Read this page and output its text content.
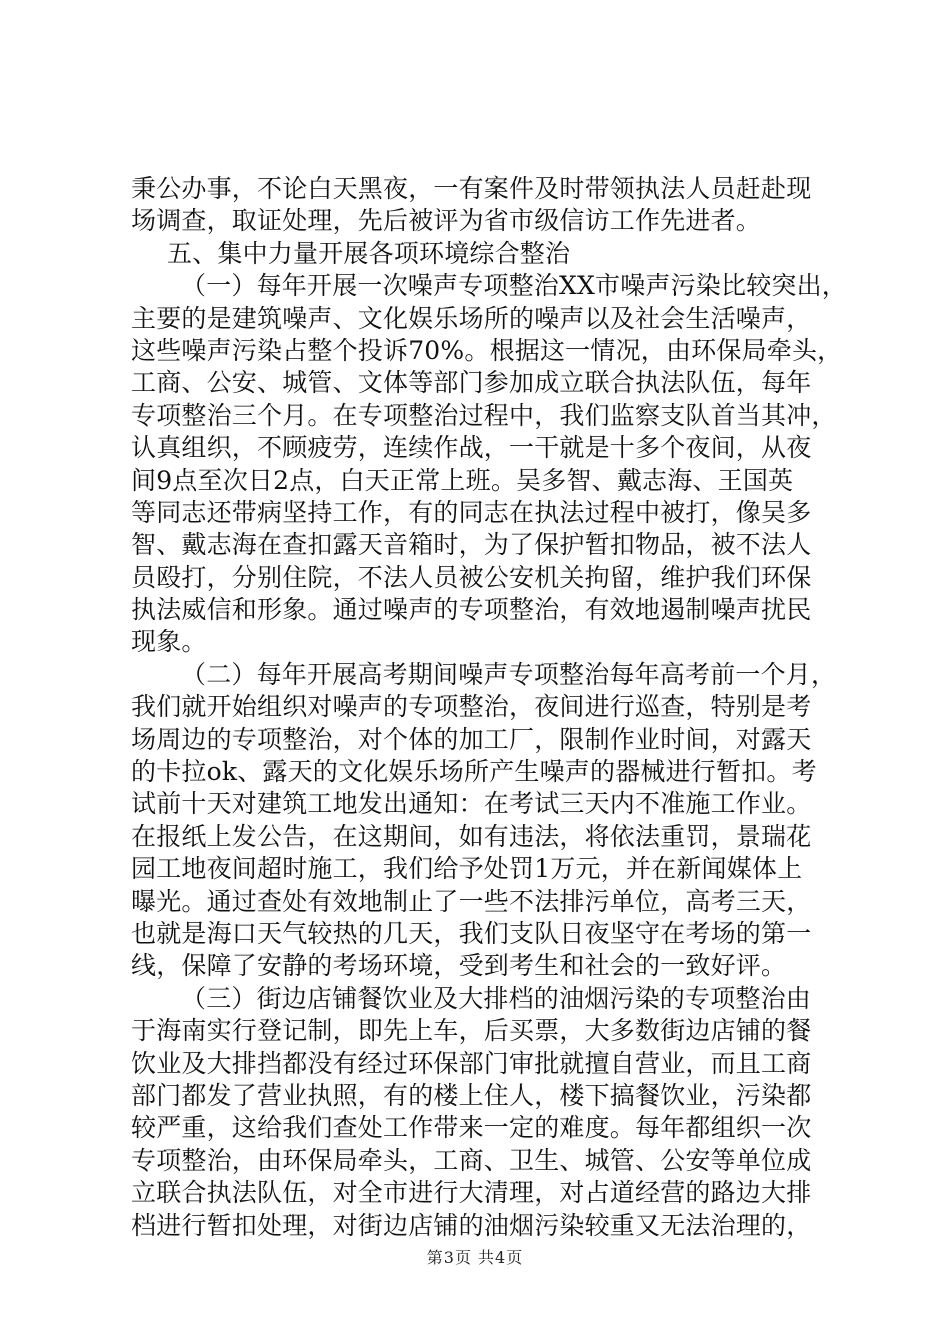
秉公办事，不论白天黑夜，一有案件及时带领执法人员赶赴现
场调查，取证处理，先后被评为省市级信访工作先进者。
五、集中力量开展各项环境综合整治
（一）每年开展一次噪声专项整治XX市噪声污染比较突出，
主要的是建筑噪声、文化娱乐场所的噪声以及社会生活噪声，
这些噪声污染占整个投诉70%。根据这一情况，由环保局牵头，
工商、公安、城管、文体等部门参加成立联合执法队伍，每年
专项整治三个月。在专项整治过程中，我们监察支队首当其冲，
认真组织，不顾疲劳，连续作战，一干就是十多个夜间，从夜
间9点至次日2点，白天正常上班。吴多智、戴志海、王国英
等同志还带病坚持工作，有的同志在执法过程中被打，像吴多
智、戴志海在查扣露天音箱时，为了保护暂扣物品，被不法人
员殴打，分别住院，不法人员被公安机关拘留，维护我们环保
执法威信和形象。通过噪声的专项整治，有效地遏制噪声扰民
现象。
（二）每年开展高考期间噪声专项整治每年高考前一个月，
我们就开始组织对噪声的专项整治，夜间进行巡查，特别是考
场周边的专项整治，对个体的加工厂，限制作业时间，对露天
的卡拉ok、露天的文化娱乐场所产生噪声的器械进行暂扣。考
试前十天对建筑工地发出通知：在考试三天内不准施工作业。
在报纸上发公告，在这期间，如有违法，将依法重罚，景瑞花
园工地夜间超时施工，我们给予处罚1万元，并在新闻媒体上
曝光。通过查处有效地制止了一些不法排污单位，高考三天，
也就是海口天气较热的几天，我们支队日夜坚守在考场的第一
线，保障了安静的考场环境，受到考生和社会的一致好评。
（三）街边店铺餐饮业及大排档的油烟污染的专项整治由
于海南实行登记制，即先上车，后买票，大多数街边店铺的餐
饮业及大排挡都没有经过环保部门审批就擅自营业，而且工商
部门都发了营业执照，有的楼上住人，楼下搞餐饮业，污染都
较严重，这给我们查处工作带来一定的难度。每年都组织一次
专项整治，由环保局牵头，工商、卫生、城管、公安等单位成
立联合执法队伍，对全市进行大清理，对占道经营的路边大排
档进行暂扣处理，对街边店铺的油烟污染较重又无法治理的，
第3页 共4页
